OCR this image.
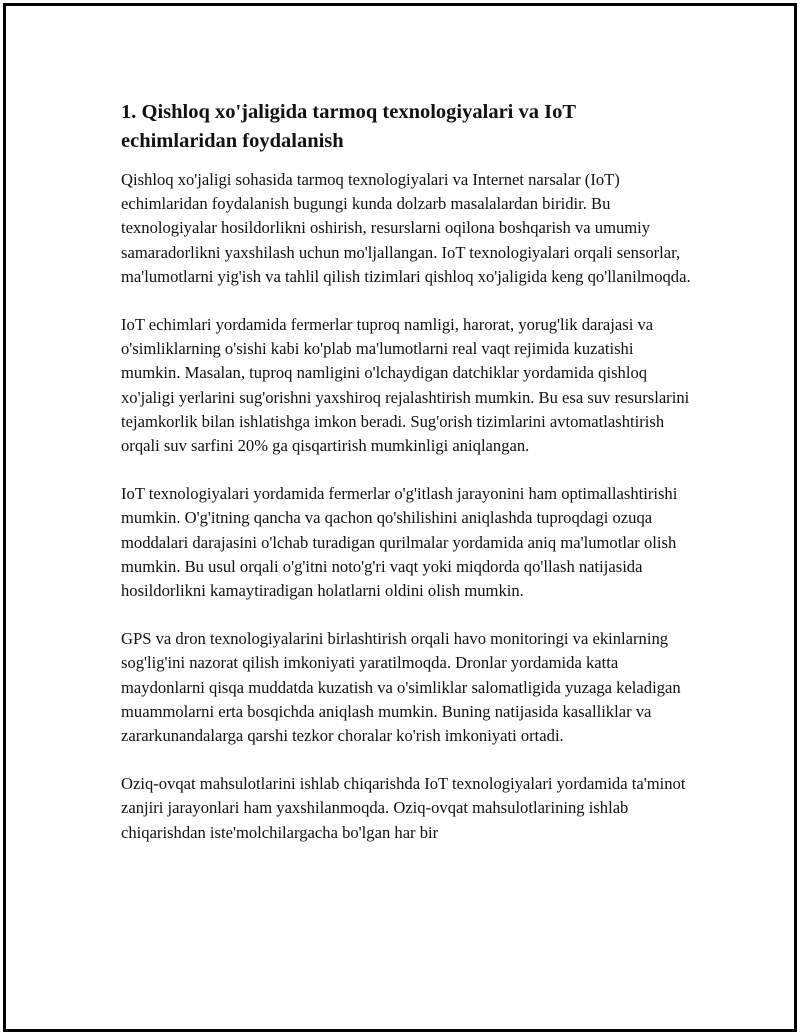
1. Qishloq xo'jaligida tarmoq texnologiyalari va IoT echimlaridan foydalanish

Qishloq xo'jaligi sohasida tarmoq texnologiyalari va Internet narsalar (IoT) echimlaridan foydalanish bugungi kunda dolzarb masalalardan biridir. Bu texnologiyalar hosildorlikni oshirish, resurslarni oqilona boshqarish va umumiy samaradorlikni yaxshilash uchun mo'ljallangan. IoT texnologiyalari orqali sensorlar, ma'lumotlarni yig'ish va tahlil qilish tizimlari qishloq xo'jaligida keng qo'llanilmoqda.

IoT echimlari yordamida fermerlar tuproq namligi, harorat, yorug'lik darajasi va o'simliklarning o'sishi kabi ko'plab ma'lumotlarni real vaqt rejimida kuzatishi mumkin. Masalan, tuproq namligini o'lchaydigan datchiklar yordamida qishloq xo'jaligi yerlarini sug'orishni yaxshiroq rejalashtirish mumkin. Bu esa suv resurslarini tejamkorlik bilan ishlatishga imkon beradi. Sug'orish tizimlarini avtomatlashtirish orqali suv sarfini 20% ga qisqartirish mumkinligi aniqlangan.

IoT texnologiyalari yordamida fermerlar o'g'itlash jarayonini ham optimallashtirishi mumkin. O'g'itning qancha va qachon qo'shilishini aniqlashda tuproqdagi ozuqa moddalari darajasini o'lchab turadigan qurilmalar yordamida aniq ma'lumotlar olish mumkin. Bu usul orqali o'g'itni noto'g'ri vaqt yoki miqdorda qo'llash natijasida hosildorlikni kamaytiradigan holatlarni oldini olish mumkin.

GPS va dron texnologiyalarini birlashtirish orqali havo monitoringi va ekinlarning sog'lig'ini nazorat qilish imkoniyati yaratilmoqda. Dronlar yordamida katta maydonlarni qisqa muddatda kuzatish va o'simliklar salomatligida yuzaga keladigan muammolarni erta bosqichda aniqlash mumkin. Buning natijasida kasalliklar va zararkunandalarga qarshi tezkor choralar ko'rish imkoniyati ortadi.

Oziq-ovqat mahsulotlarini ishlab chiqarishda IoT texnologiyalari yordamida ta'minot zanjiri jarayonlari ham yaxshilanmoqda. Oziq-ovqat mahsulotlarining ishlab chiqarishdan iste'molchilargacha bo'lgan har bir
